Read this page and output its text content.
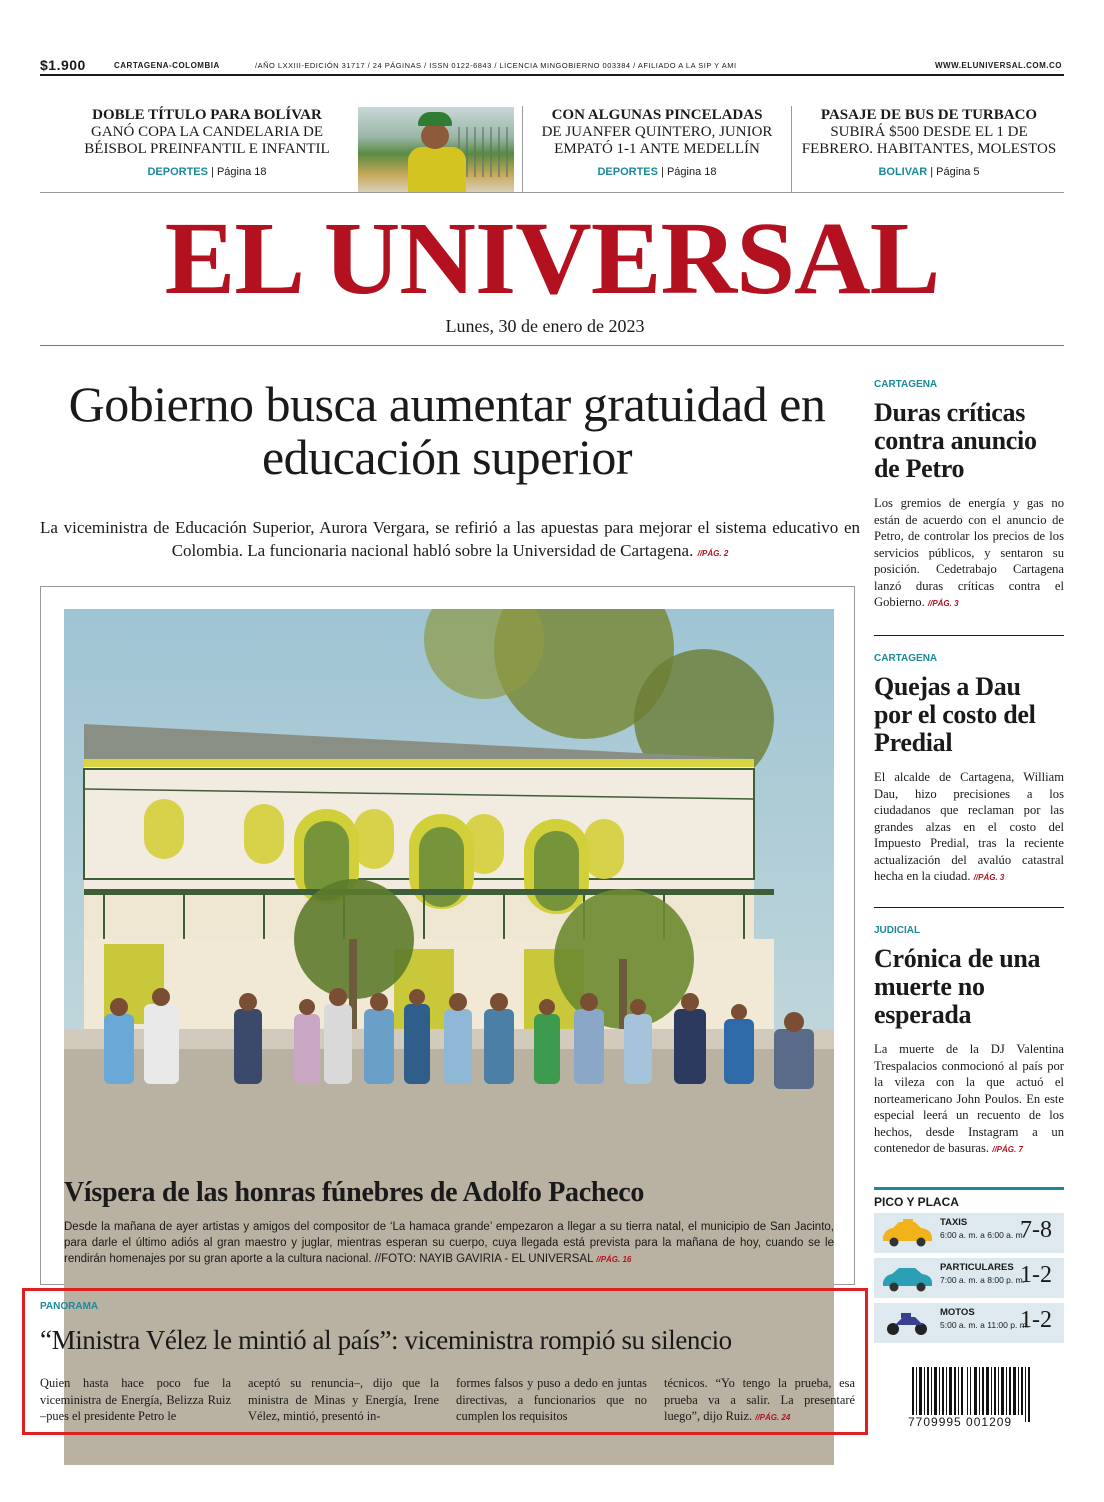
$1.900	CARTAGENA-COLOMBIA	/AÑO LXXIII-EDICIÓN 31717 / 24 PÁGINAS / ISSN 0122-6843 / LICENCIA MINGOBIERNO 003384 / AFILIADO A LA SIP Y AMI	WWW.ELUNIVERSAL.COM.CO
DOBLE TÍTULO PARA BOLÍVAR
GANÓ COPA LA CANDELARIA DE BÉISBOL PREINFANTIL E INFANTIL
DEPORTES | Página 18
CON ALGUNAS PINCELADAS
DE JUANFER QUINTERO, JUNIOR EMPATÓ 1-1 ANTE MEDELLÍN
DEPORTES | Página 18
PASAJE DE BUS DE TURBACO
SUBIRÁ $500 DESDE EL 1 DE FEBRERO. HABITANTES, MOLESTOS
BOLIVAR | Página 5
EL UNIVERSAL
Lunes, 30 de enero de 2023
Gobierno busca aumentar gratuidad en educación superior
La viceministra de Educación Superior, Aurora Vergara, se refirió a las apuestas para mejorar el sistema educativo en Colombia. La funcionaria nacional habló sobre la Universidad de Cartagena. //PÁG. 2
Víspera de las honras fúnebres de Adolfo Pacheco
Desde la mañana de ayer artistas y amigos del compositor de ‘La hamaca grande’ empezaron a llegar a su tierra natal, el municipio de San Jacinto, para darle el último adiós al gran maestro y juglar, mientras esperan su cuerpo, cuya llegada está prevista para la mañana de hoy, cuando se le rendirán homenajes por su gran aporte a la cultura nacional. //FOTO: NAYIB GAVIRIA - EL UNIVERSAL //PÁG. 16
PANORAMA
“Ministra Vélez le mintió al país”: viceministra rompió su silencio
Quien hasta hace poco fue la viceministra de Energía, Belizza Ruiz –pues el presidente Petro le
aceptó su renuncia–, dijo que la ministra de Minas y Energía, Irene Vélez, mintió, presentó in-
formes falsos y puso a dedo en juntas directivas, a funcionarios que no cumplen los requisitos
técnicos. “Yo tengo la prueba, esa prueba va a salir. La presentaré luego”, dijo Ruiz. //PÁG. 24
CARTAGENA
Duras críticas contra anuncio de Petro
Los gremios de energía y gas no están de acuerdo con el anuncio de Petro, de controlar los precios de los servicios públicos, y sentaron su posición. Cedetrabajo Cartagena lanzó duras críticas contra el Gobierno. //PÁG. 3
CARTAGENA
Quejas a Dau por el costo del Predial
El alcalde de Cartagena, William Dau, hizo precisiones a los ciudadanos que reclaman por las grandes alzas en el costo del Impuesto Predial, tras la reciente actualización del avalúo catastral hecha en la ciudad. //PÁG. 3
JUDICIAL
Crónica de una muerte no esperada
La muerte de la DJ Valentina Trespalacios conmocionó al país por la vileza con la que actuó el norteamericano John Poulos. En este especial leerá un recuento de los hechos, desde Instagram a un contenedor de basuras. //PÁG. 7
PICO Y PLACA
TAXIS
6:00 a. m. a 6:00 a. m.
7-8
PARTICULARES
7:00 a. m. a 8:00 p. m.
1-2
MOTOS
5:00 a. m. a 11:00 p. m.
1-2
7709995 001209
